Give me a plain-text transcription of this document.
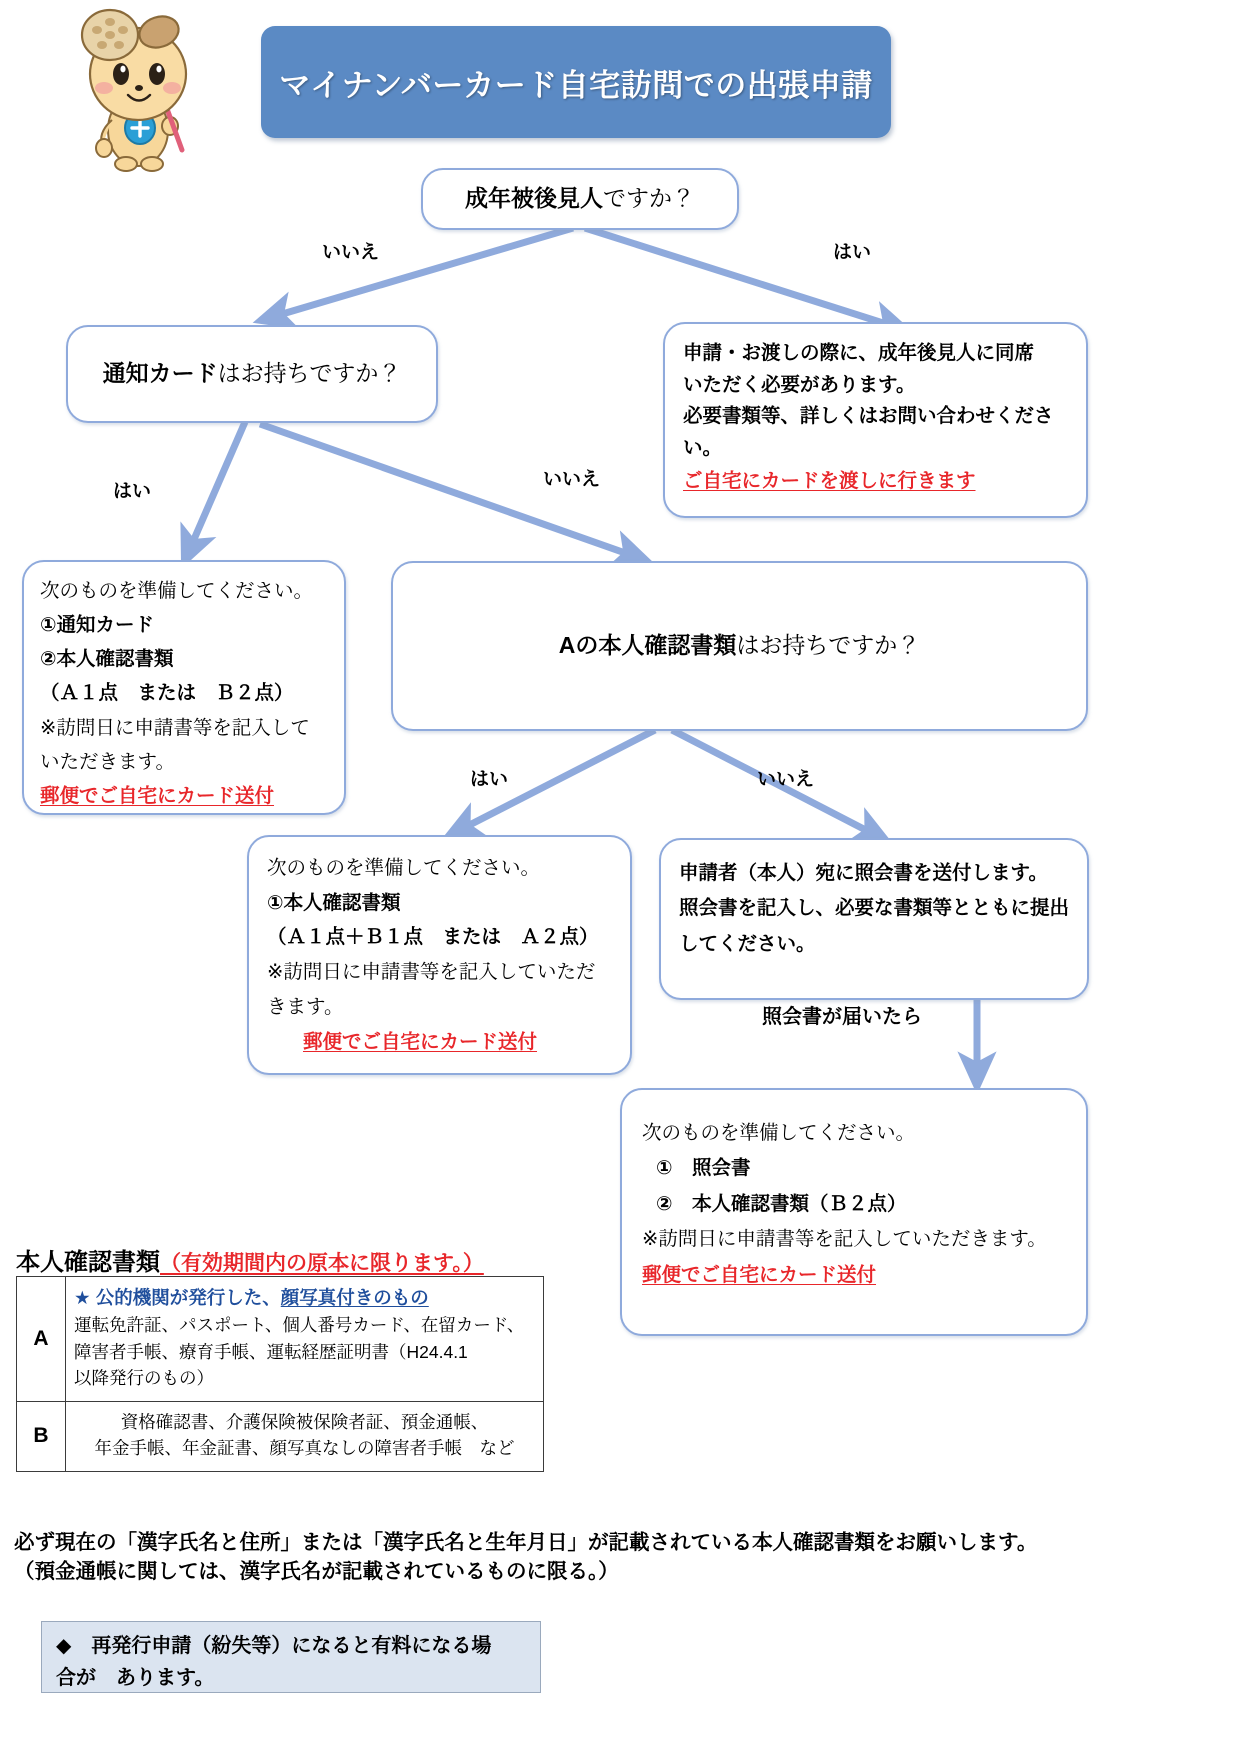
マイナンバーカード自宅訪問での出張申請
成年被後見人ですか？
いいえ	はい
申請・お渡しの際に、成年後見人に同席
いただく必要があります。
必要書類等、詳しくはお問い合わせくださ
い。
ご自宅にカードを渡しに行きます
通知カードはお持ちですか？
はい
いいえ
次のものを準備してください。
①通知カード
②本人確認書類
（Ａ１点　または　Ｂ２点）
※訪問日に申請書等を記入して
いただきます。
郵便でご自宅にカード送付
Aの本人確認書類はお持ちですか？
はい	いいえ
次のものを準備してください。
①本人確認書類
（Ａ１点＋Ｂ１点　または　Ａ２点）
※訪問日に申請書等を記入していただ
きます。
郵便でご自宅にカード送付
申請者（本人）宛に照会書を送付します。
照会書を記入し、必要な書類等とともに提出
してください。
照会書が届いたら
次のものを準備してください。
①　照会書
②　本人確認書類（Ｂ２点）
※訪問日に申請書等を記入していただきます。
郵便でご自宅にカード送付
本人確認書類（有効期間内の原本に限ります。）
A	★ 公的機関が発行した、顔写真付きのもの
運転免許証、パスポート、個人番号カード、在留カード、
障害者手帳、療育手帳、運転経歴証明書（H24.4.1
以降発行のもの）

B	資格確認書、介護保険被保険者証、預金通帳、
年金手帳、年金証書、顔写真なしの障害者手帳　など
必ず現在の「漢字氏名と住所」または「漢字氏名と生年月日」が記載されている本人確認書類をお願いします。
（預金通帳に関しては、漢字氏名が記載されているものに限る。）
◆　再発行申請（紛失等）になると有料になる場
合が　あります。
